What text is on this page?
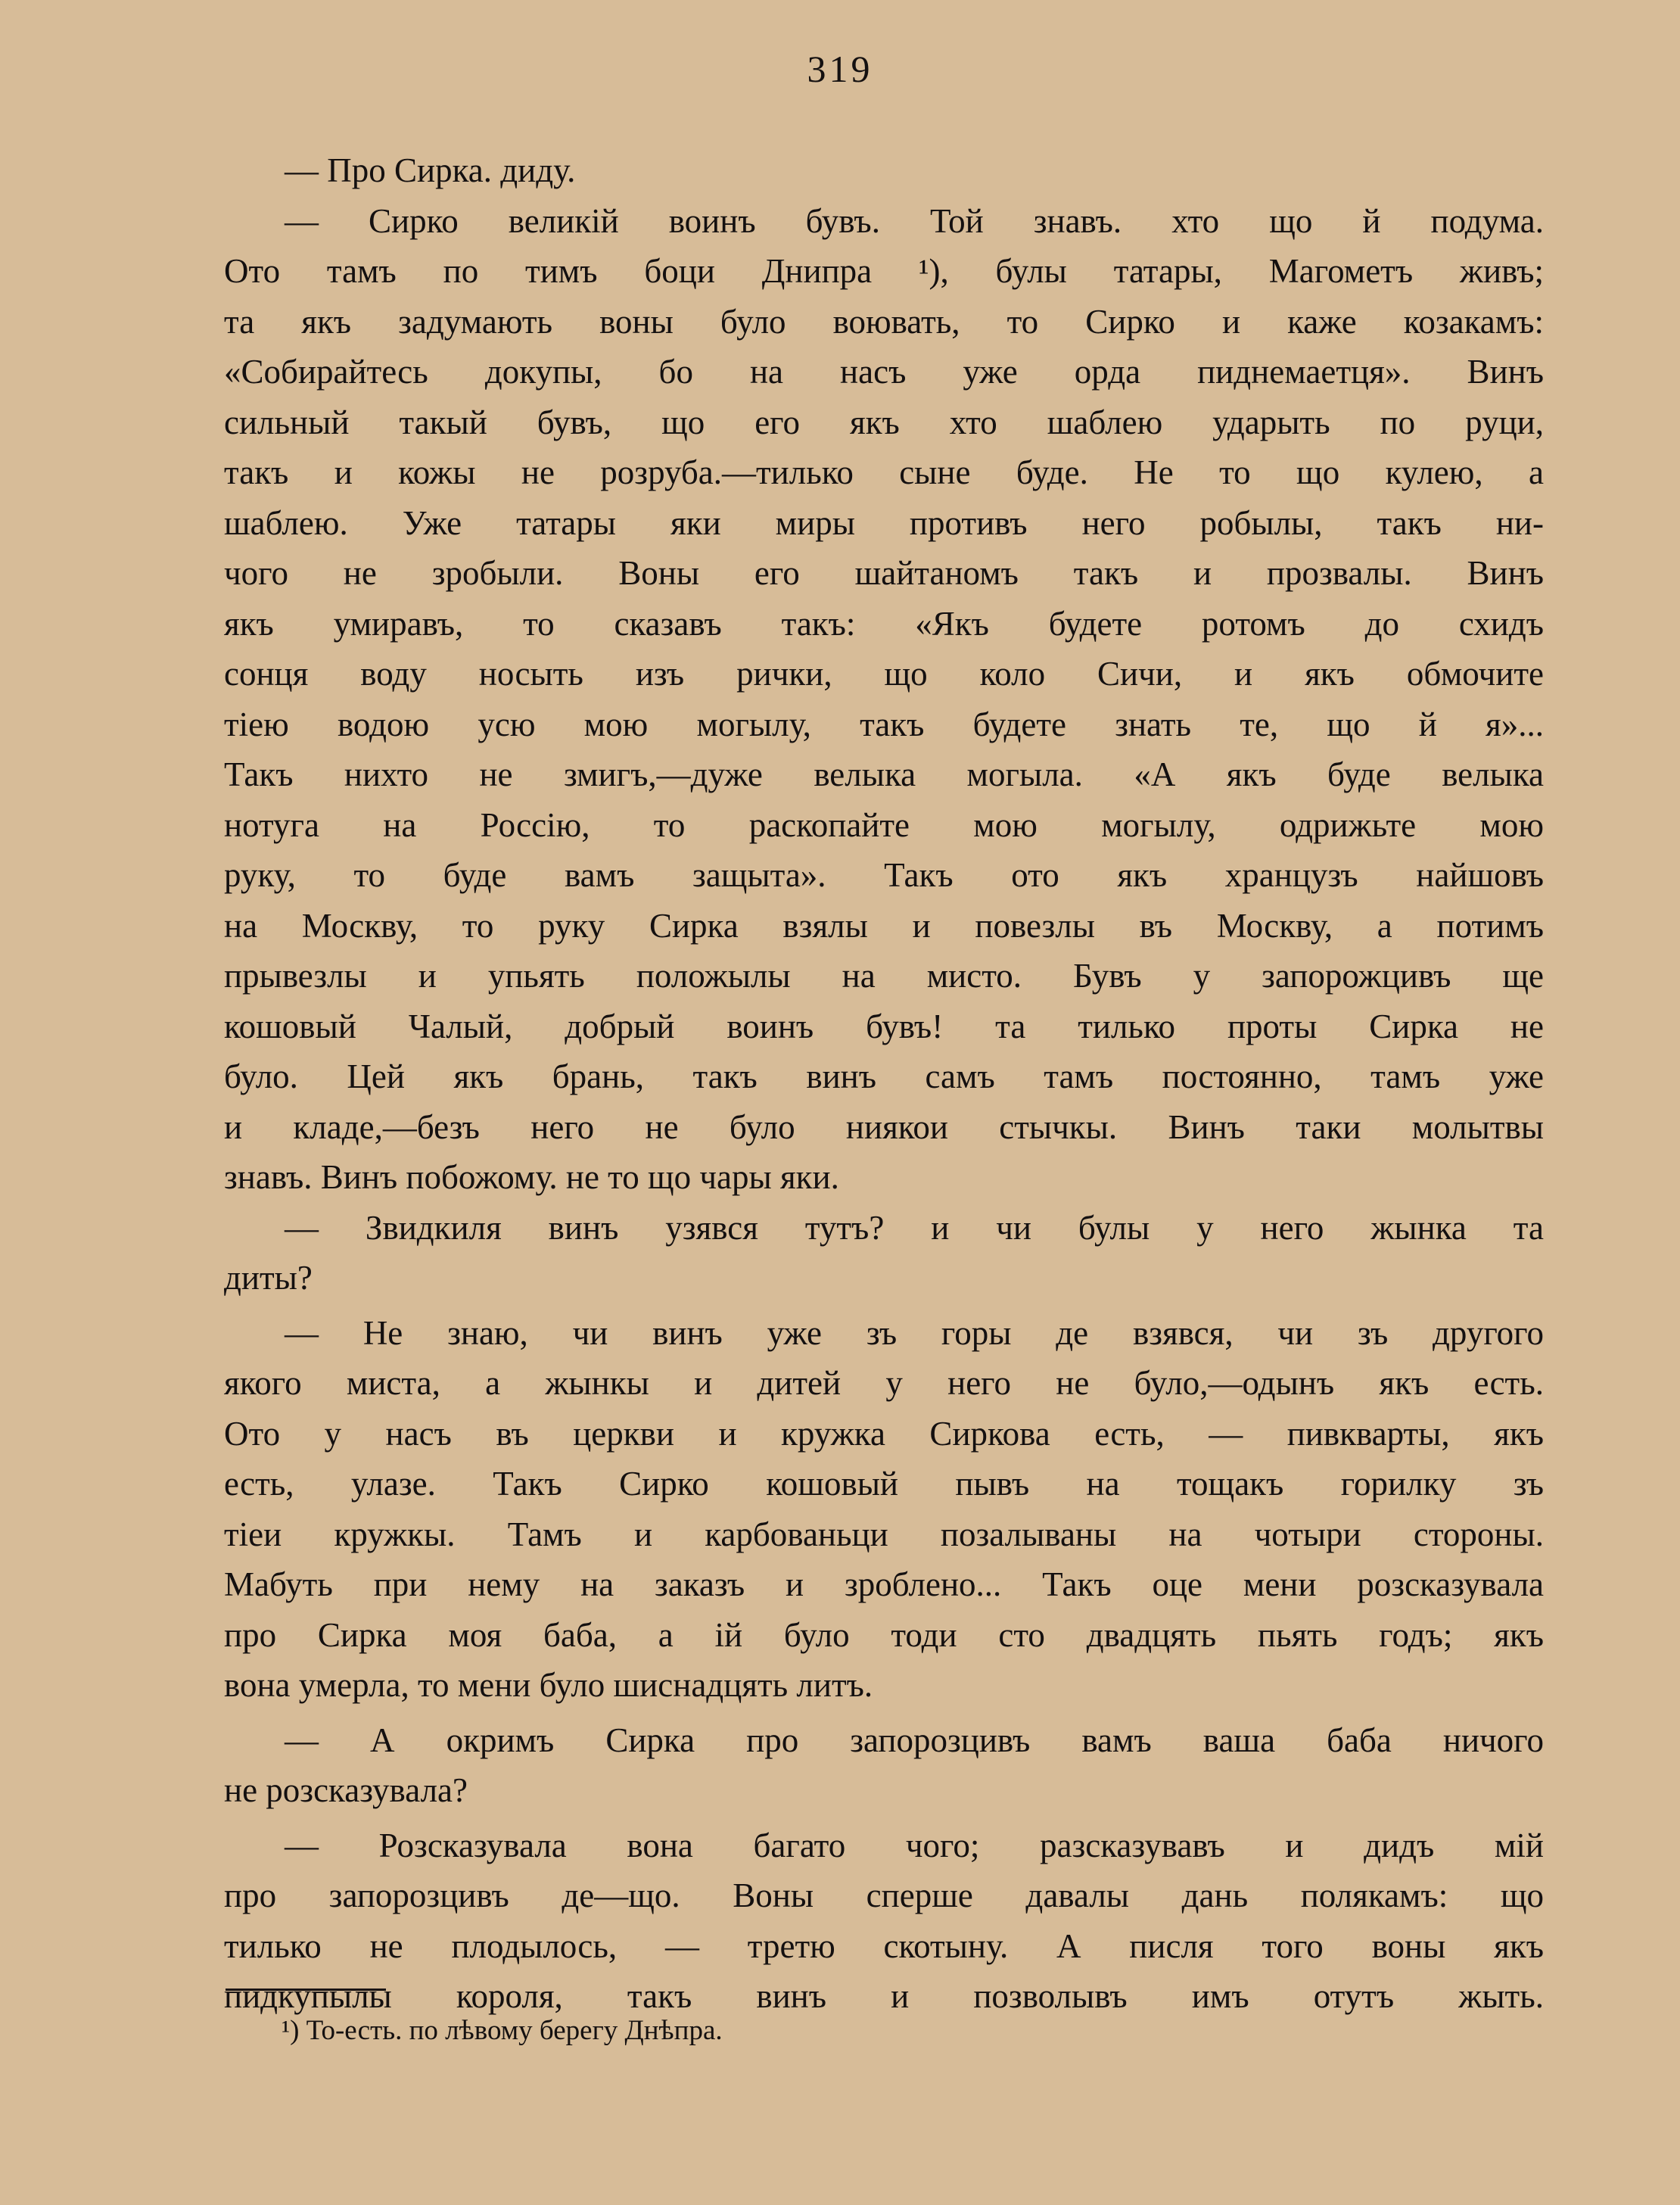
319
— Про Сирка. диду.
— Сирко великій воинъ бувъ. Той знавъ. хто що й подума.
Ото тамъ по тимъ боци Днипра ¹), булы татары, Магометъ живъ;
та якъ задумають воны було воювать, то Сирко и каже козакамъ:
«Собирайтесь докупы, бо на насъ уже орда пиднемаетця». Винъ
сильный такый бувъ, що его якъ хто шаблею ударыть по руци,
такъ и кожы не розруба.—тилько сыне буде. Не то що кулею, а
шаблею. Уже татары яки миры противъ него робылы, такъ ни-
чого не зробыли. Воны его шайтаномъ такъ и прозвалы. Винъ
якъ умиравъ, то сказавъ такъ: «Якъ будете ротомъ до схидъ
сонця воду носыть изъ рички, що коло Сичи, и якъ обмочите
тіею водою усю мою могылу, такъ будете знать те, що й я»...
Такъ нихто не змигъ,—дуже велыка могыла. «А якъ буде велыка
нотуга на Россію, то раскопайте мою могылу, одрижьте мою
руку, то буде вамъ защыта». Такъ ото якъ хранцузъ найшовъ
на Москву, то руку Сирка взялы и повезлы въ Москву, а потимъ
прывезлы и упьять положылы на мисто. Бувъ у запорожцивъ ще
кошовый Чалый, добрый воинъ бувъ! та тилько проты Сирка не
було. Цей якъ брань, такъ винъ самъ тамъ постоянно, тамъ уже
и кладе,—безъ него не було ниякои стычкы. Винъ таки молытвы
знавъ. Винъ побожому. не то що чары яки.
— Звидкиля винъ узявся тутъ? и чи булы у него жынка та
диты?
— Не знаю, чи винъ уже зъ горы де взявся, чи зъ другого
якого миста, а жынкы и дитей у него не було,—одынъ якъ есть.
Ото у насъ въ церкви и кружка Сиркова есть, — пивкварты, якъ
есть, улазе. Такъ Сирко кошовый пывъ на тощакъ горилку зъ
тіеи кружкы. Тамъ и карбованьци позалываны на чотыри стороны.
Мабуть при нему на заказъ и зроблено... Такъ оце мени розсказувала
про Сирка моя баба, а ій було тоди сто двадцять пьять годъ; якъ
вона умерла, то мени було шиснадцять литъ.
— А окримъ Сирка про запорозцивъ вамъ ваша баба ничого
не розсказувала?
— Розсказувала вона багато чого; разсказувавъ и дидъ мій
про запорозцивъ де—що. Воны сперше давалы дань полякамъ: що
тилько не плодылось, — третю скотыну. А писля того воны якъ
пидкупылы короля, такъ винъ и позволывъ имъ отутъ жыть.
¹) То-есть. по лѣвому берегу Днѣпра.
